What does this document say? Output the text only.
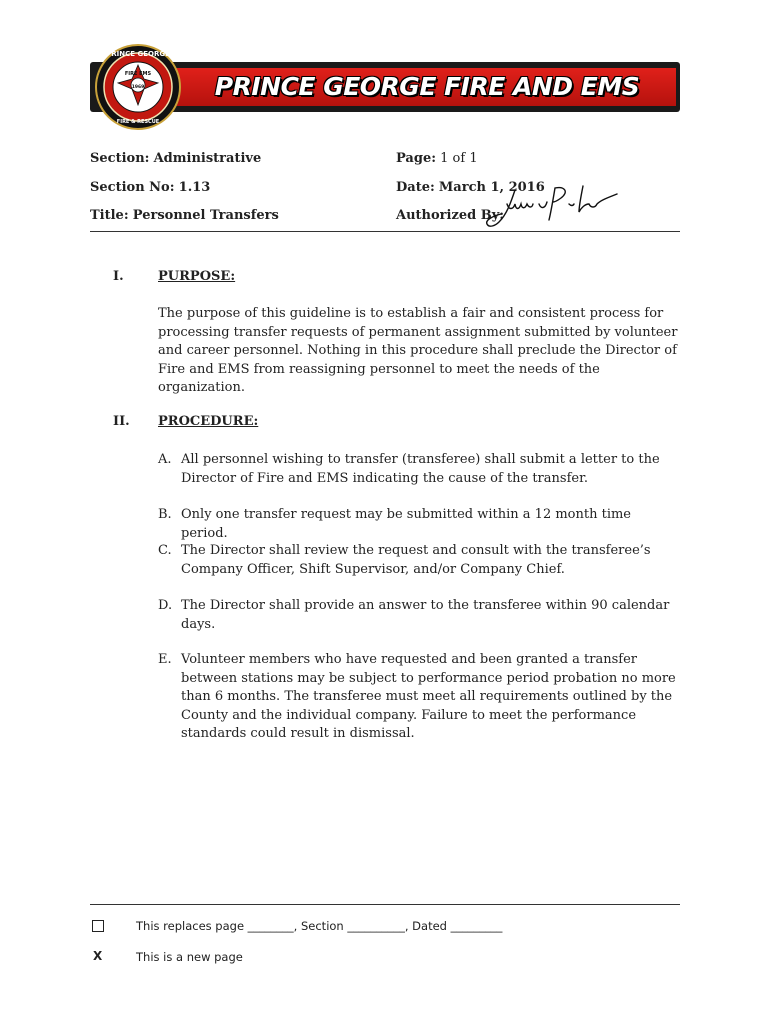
PRINCE GEORGE FIRE AND EMS
PRINCE GEORGE
FIRE EMS
1969
FIRE & RESCUE
Section: Administrative
Section No: 1.13
Title: Personnel Transfers
Page: 1 of 1
Date: March 1, 2016
Authorized By:
I.	PURPOSE:
The purpose of this guideline is to establish a fair and consistent process for
processing transfer requests of permanent assignment submitted by volunteer
and career personnel. Nothing in this procedure shall preclude the Director of
Fire and EMS from reassigning personnel to meet the needs of the organization.
II. PROCEDURE:
A. All personnel wishing to transfer (transferee) shall submit a letter to the
Director of Fire and EMS indicating the cause of the transfer.
B. Only one transfer request may be submitted within a 12 month time period.
C. The Director shall review the request and consult with the transferee’s
Company Officer, Shift Supervisor, and/or Company Chief.
D. The Director shall provide an answer to the transferee within 90 calendar
days.
E. Volunteer members who have requested and been granted a transfer
between stations may be subject to performance period probation no more
than 6 months. The transferee must meet all requirements outlined by the
County and the individual company. Failure to meet the performance
standards could result in dismissal.
This replaces page ________, Section __________, Dated _________
X	This is a new page
